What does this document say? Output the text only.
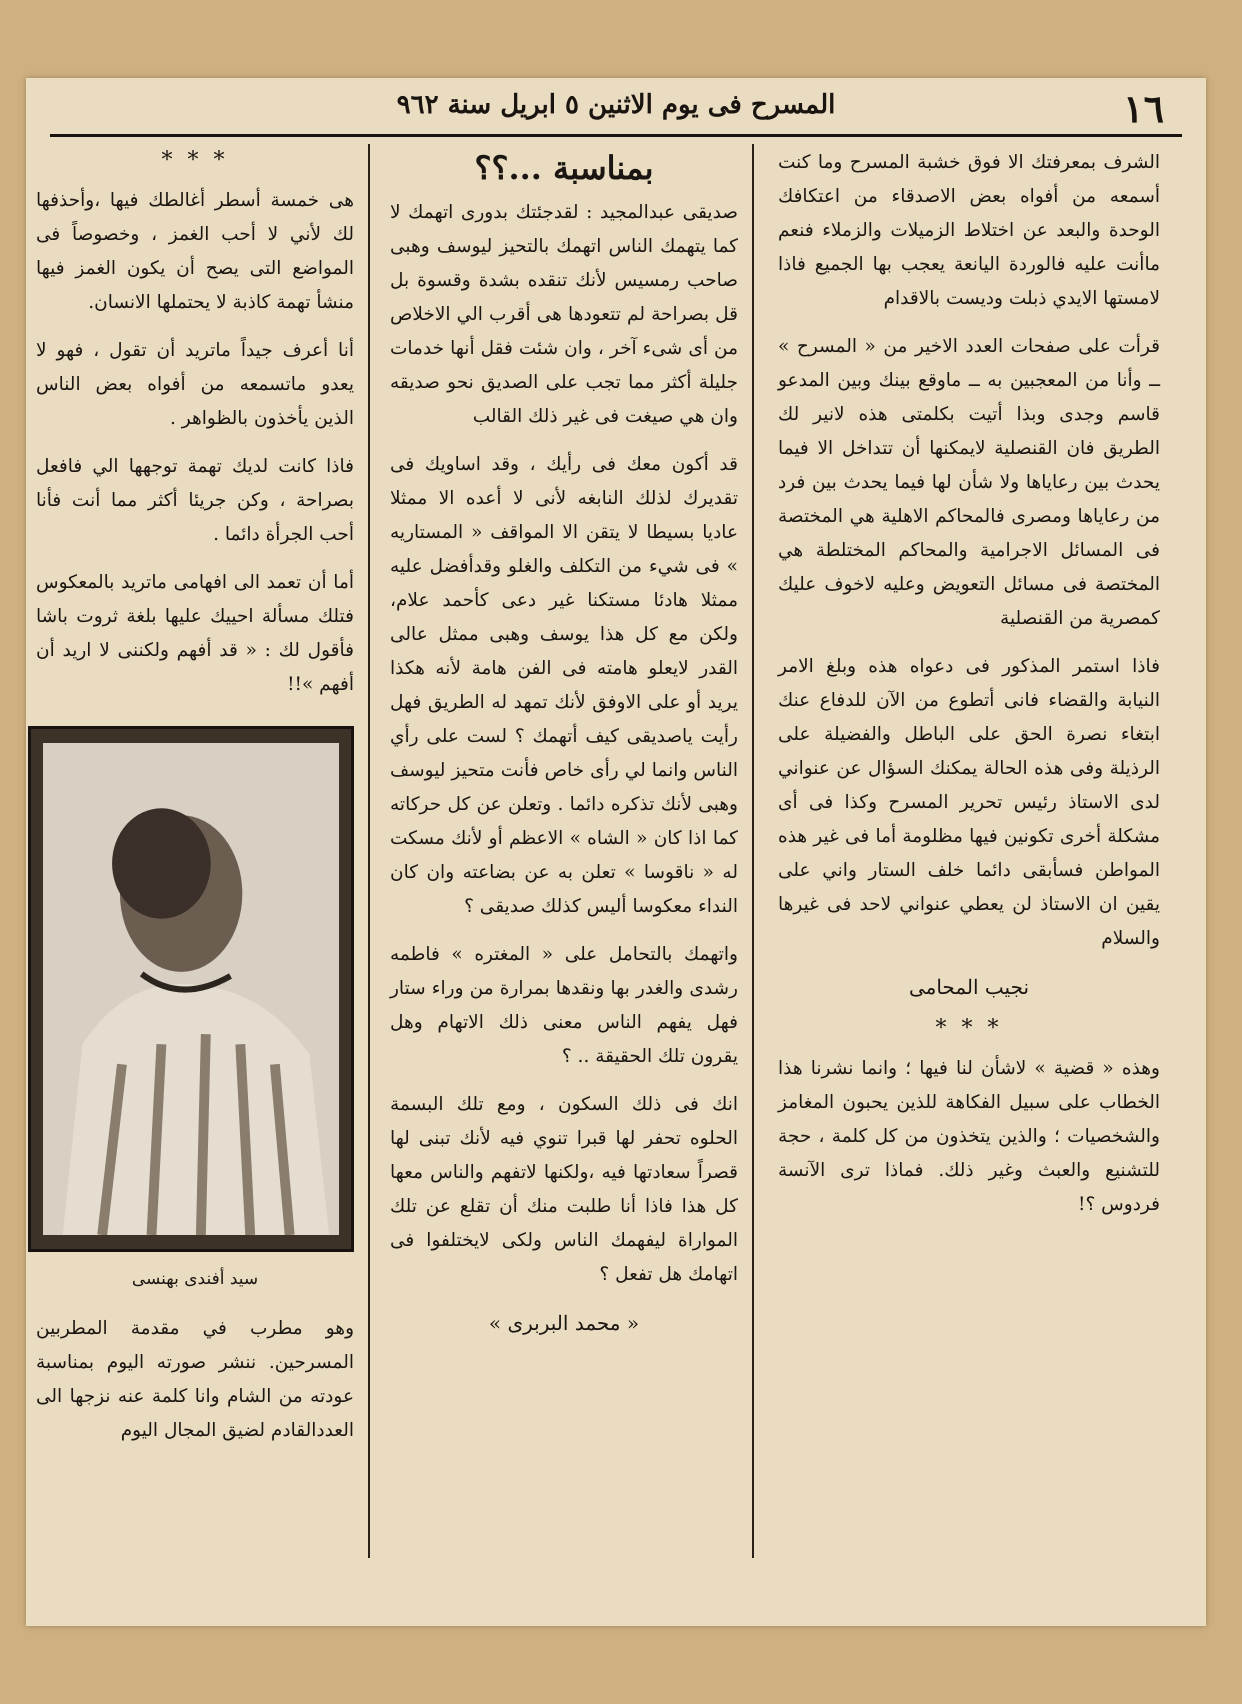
١٦
المسرح فى يوم الاثنين ٥ ابريل سنة ٩٦٢

الشرف بمعرفتك الا فوق خشبة المسرح وما كنت أسمعه من أفواه بعض الاصدقاء من اعتكافك الوحدة والبعد عن اختلاط الزميلات والزملاء فنعم ماأنت عليه فالوردة اليانعة يعجب بها الجميع فاذا لامستها الايدي ذبلت وديست بالاقدام

قرأت على صفحات العدد الاخير من « المسرح » ــ وأنا من المعجبين به ــ ماوقع بينك وبين المدعو قاسم وجدى وبذا أتيت بكلمتى هذه لانير لك الطريق فان القنصلية لايمكنها أن تتداخل الا فيما يحدث بين رعاياها ولا شأن لها فيما يحدث بين فرد من رعاياها ومصرى فالمحاكم الاهلية هي المختصة فى المسائل الاجرامية والمحاكم المختلطة هي المختصة فى مسائل التعويض وعليه لاخوف عليك كمصرية من القنصلية

فاذا استمر المذكور فى دعواه هذه وبلغ الامر النيابة والقضاء فانى أتطوع من الآن للدفاع عنك ابتغاء نصرة الحق على الباطل والفضيلة على الرذيلة وفى هذه الحالة يمكنك السؤال عن عنواني لدى الاستاذ رئيس تحرير المسرح وكذا فى أى مشكلة أخرى تكونين فيها مظلومة أما فى غير هذه المواطن فسأبقى دائما خلف الستار واني على يقين ان الاستاذ لن يعطي عنواني لاحد فى غيرها والسلام

نجيب المحامى
* * *

وهذه « قضية » لاشأن لنا فيها ؛ وانما نشرنا هذا الخطاب على سبيل الفكاهة للذين يحبون المغامز والشخصيات ؛ والذين يتخذون من كل كلمة ، حجة للتشنيع والعبث وغير ذلك. فماذا ترى الآنسة فردوس ؟!

بمناسبة ...؟؟

صديقى عبدالمجيد : لقدجئتك بدورى اتهمك لا كما يتهمك الناس اتهمك بالتحيز ليوسف وهبى صاحب رمسيس لأنك تنقده بشدة وقسوة بل قل بصراحة لم تتعودها هى أقرب الي الاخلاص من أى شىء آخر ، وان شئت فقل أنها خدمات جليلة أكثر مما تجب على الصديق نحو صديقه وان هي صيغت فى غير ذلك القالب

قد أكون معك فى رأيك ، وقد اساويك فى تقديرك لذلك النابغه لأنى لا أعده الا ممثلا عاديا بسيطا لا يتقن الا المواقف « المستاريه » فى شيء من التكلف والغلو وقدأفضل عليه ممثلا هادئا مستكنا غير دعى كأحمد علام، ولكن مع كل هذا يوسف وهبى ممثل عالى القدر لايعلو هامته فى الفن هامة لأنه هكذا يريد أو على الاوفق لأنك تمهد له الطريق فهل رأيت ياصديقى كيف أتهمك ؟ لست على رأي الناس وانما لي رأى خاص فأنت متحيز ليوسف وهبى لأنك تذكره دائما . وتعلن عن كل حركاته كما اذا كان « الشاه » الاعظم أو لأنك مسكت له « ناقوسا » تعلن به عن بضاعته وان كان النداء معكوسا أليس كذلك صديقى ؟

واتهمك بالتحامل على « المغتره » فاطمه رشدى والغدر بها ونقدها بمرارة من وراء ستار فهل يفهم الناس معنى ذلك الاتهام وهل يقرون تلك الحقيقة .. ؟

انك فى ذلك السكون ، ومع تلك البسمة الحلوه تحفر لها قبرا تنوي فيه لأنك تبنى لها قصراً سعادتها فيه ،ولكنها لاتفهم والناس معها كل هذا فاذا أنا طلبت منك أن تقلع عن تلك المواراة ليفهمك الناس ولكى لايختلفوا فى اتهامك هل تفعل ؟

« محمد البربرى »
* * *

هى خمسة أسطر أغالطك فيها ،وأحذفها لك لأني لا أحب الغمز ، وخصوصاً فى المواضع التى يصح أن يكون الغمز فيها منشأ تهمة كاذبة لا يحتملها الانسان.

أنا أعرف جيداً ماتريد أن تقول ، فهو لا يعدو ماتسمعه من أفواه بعض الناس الذين يأخذون بالظواهر .

فاذا كانت لديك تهمة توجهها الي فافعل بصراحة ، وكن جريئا أكثر مما أنت فأنا أحب الجرأة دائما .

أما أن تعمد الى افهامى ماتريد بالمعكوس فتلك مسألة احييك عليها بلغة ثروت باشا فأقول لك : « قد أفهم ولكننى لا اريد أن أفهم »!!

سيد أفندى بهنسى

وهو مطرب في مقدمة المطربين المسرحين. ننشر صورته اليوم بمناسبة عودته من الشام وانا كلمة عنه نزجها الى العددالقادم لضيق المجال اليوم
